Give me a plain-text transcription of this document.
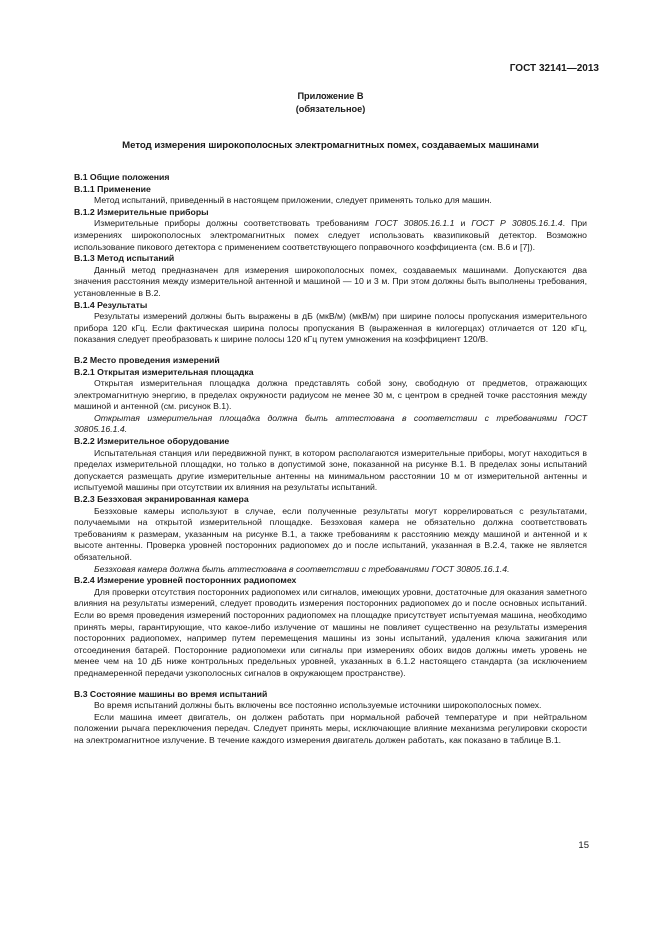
ГОСТ 32141—2013
Приложение В
(обязательное)
Метод измерения широкополосных электромагнитных помех, создаваемых машинами

В.1 Общие положения

В.1.1 Применение

Метод испытаний, приведенный в настоящем приложении, следует применять только для машин.

В.1.2 Измерительные приборы

Измерительные приборы должны соответствовать требованиям ГОСТ 30805.16.1.1 и ГОСТ Р 30805.16.1.4. При измерениях широкополосных электромагнитных помех следует использовать квазипиковый детектор. Возможно использование пикового детектора с применением соответствующего поправочного коэффициента (см. В.6 и [7]).

В.1.3 Метод испытаний

Данный метод предназначен для измерения широкополосных помех, создаваемых машинами. Допускаются два значения расстояния между измерительной антенной и машиной — 10 и 3 м. При этом должны быть выполнены требования, установленные в В.2.

В.1.4 Результаты

Результаты измерений должны быть выражены в дБ (мкВ/м) (мкВ/м) при ширине полосы пропускания измерительного прибора 120 кГц. Если фактическая ширина полосы пропускания В (выраженная в килогерцах) отличается от 120 кГц, показания следует преобразовать к ширине полосы 120 кГц путем умножения на коэффициент 120/В.

В.2 Место проведения измерений

В.2.1 Открытая измерительная площадка

Открытая измерительная площадка должна представлять собой зону, свободную от предметов, отражающих электромагнитную энергию, в пределах окружности радиусом не менее 30 м, с центром в средней точке расстояния между машиной и антенной (см. рисунок В.1).

Открытая измерительная площадка должна быть аттестована в соответствии с требованиями ГОСТ 30805.16.1.4.

В.2.2 Измерительное оборудование

Испытательная станция или передвижной пункт, в котором располагаются измерительные приборы, могут находиться в пределах измерительной площадки, но только в допустимой зоне, показанной на рисунке В.1. В пределах зоны испытаний допускается размещать другие измерительные антенны на минимальном расстоянии 10 м от измерительной антенны и испытуемой машины при отсутствии их влияния на результаты испытаний.

В.2.3 Безэховая экранированная камера

Безэховые камеры используют в случае, если полученные результаты могут коррелироваться с результатами, получаемыми на открытой измерительной площадке. Безэховая камера не обязательно должна соответствовать требованиям к размерам, указанным на рисунке В.1, а также требованиям к расстоянию между машиной и антенной и к высоте антенны. Проверка уровней посторонних радиопомех до и после испытаний, указанная в В.2.4, также не является обязательной.

Безэховая камера должна быть аттестована в соответствии с требованиями ГОСТ 30805.16.1.4.

В.2.4 Измерение уровней посторонних радиопомех

Для проверки отсутствия посторонних радиопомех или сигналов, имеющих уровни, достаточные для оказания заметного влияния на результаты измерений, следует проводить измерения посторонних радиопомех до и после основных испытаний. Если во время проведения измерений посторонних радиопомех на площадке присутствует испытуемая машина, необходимо принять меры, гарантирующие, что какое-либо излучение от машины не повлияет существенно на результаты измерения посторонних радиопомех, например путем перемещения машины из зоны испытаний, удаления ключа зажигания или отсоединения батарей. Посторонние радиопомехи или сигналы при измерениях обоих видов должны иметь уровень не менее чем на 10 дБ ниже контрольных предельных уровней, указанных в 6.1.2 настоящего стандарта (за исключением преднамеренной передачи узкополосных сигналов в окружающем пространстве).

В.3 Состояние машины во время испытаний

Во время испытаний должны быть включены все постоянно используемые источники широкополосных помех.

Если машина имеет двигатель, он должен работать при нормальной рабочей температуре и при нейтральном положении рычага переключения передач. Следует принять меры, исключающие влияние механизма регулировки скорости на электромагнитное излучение. В течение каждого измерения двигатель должен работать, как показано в таблице В.1.

15
